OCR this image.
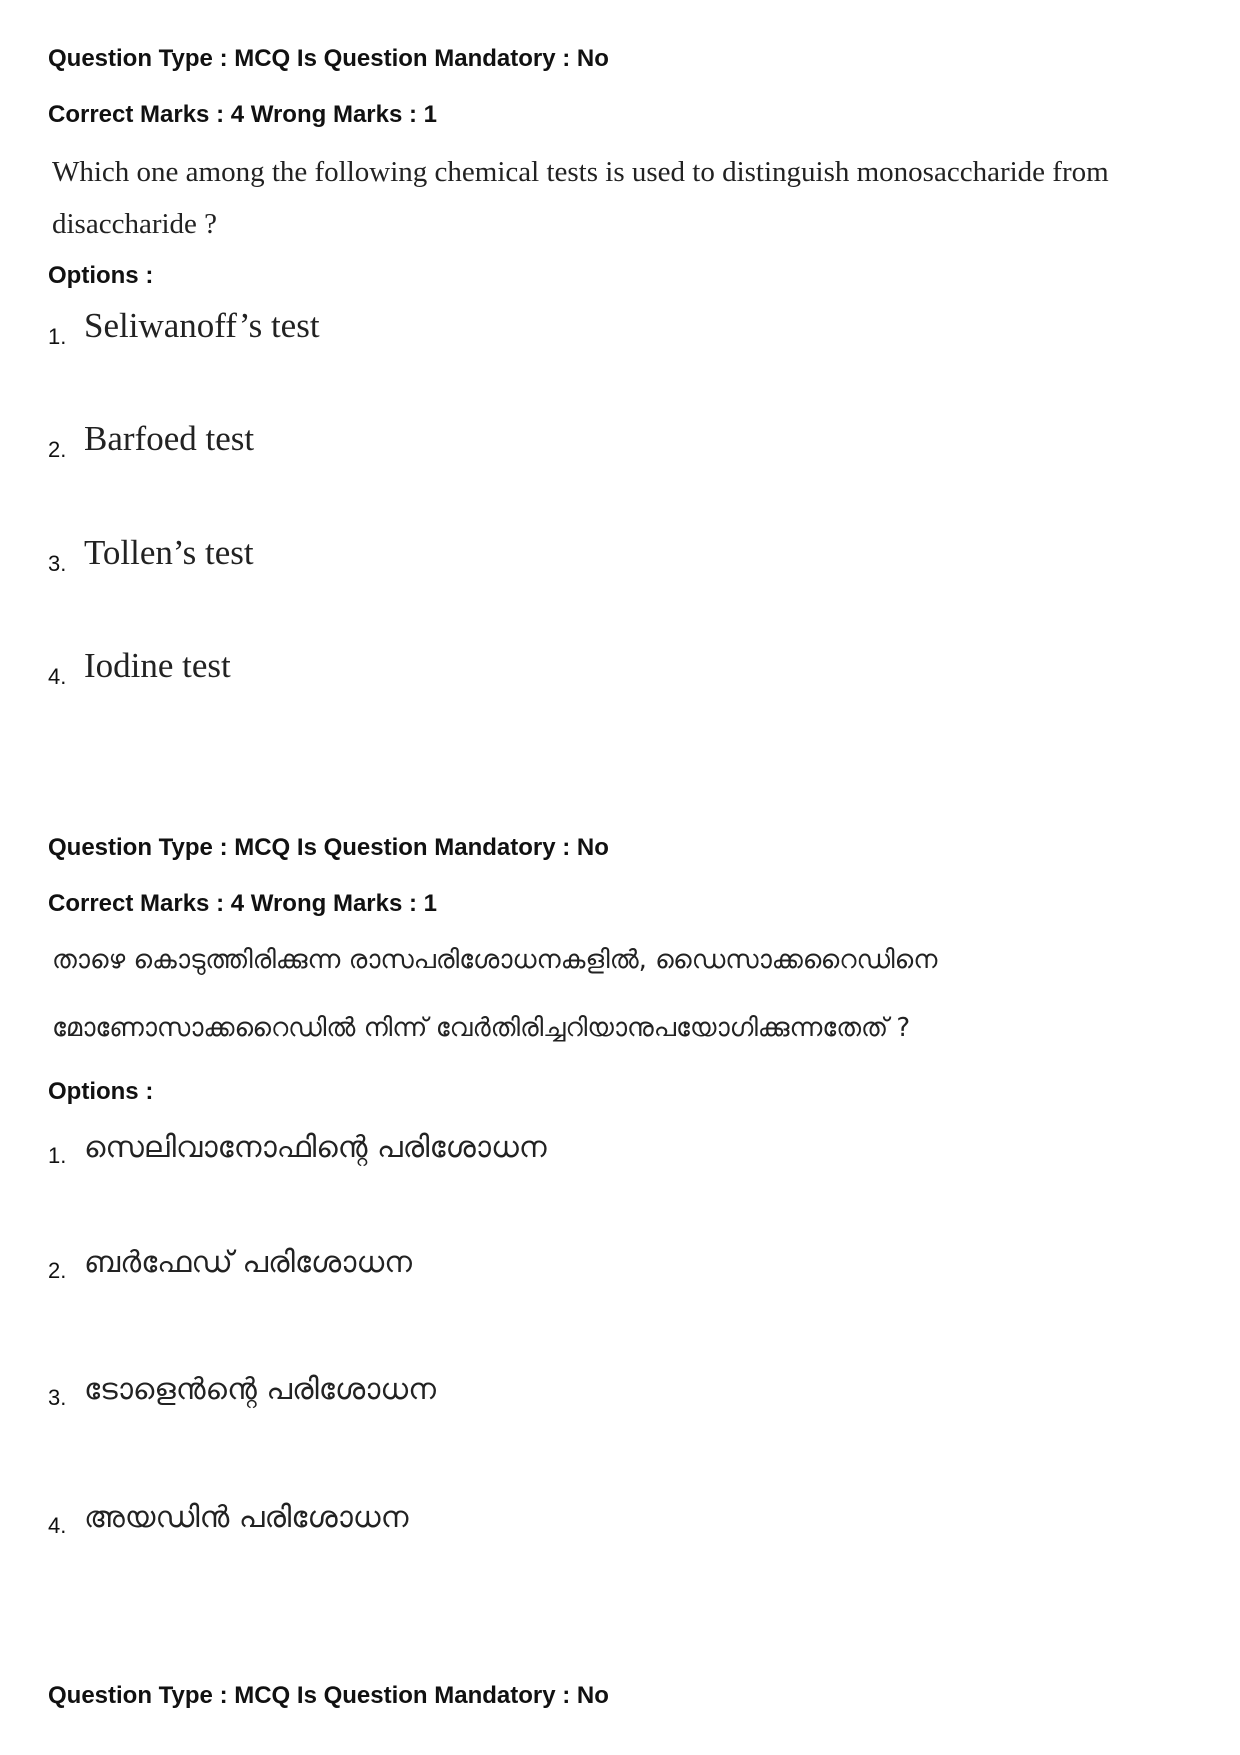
Question Type : MCQ Is Question Mandatory : No
Correct Marks : 4 Wrong Marks : 1
Which one among the following chemical tests is used to distinguish monosaccharide from
disaccharide ?
Options :
1. Seliwanoff’s test
2. Barfoed test
3. Tollen’s test
4. Iodine test
Question Type : MCQ Is Question Mandatory : No
Correct Marks : 4 Wrong Marks : 1
താഴെ കൊടുത്തിരിക്കുന്ന രാസപരിശോധനകളിൽ, ഡൈസാക്കറൈഡിനെ
മോണോസാക്കറൈഡിൽ നിന്ന് വേർതിരിച്ചറിയാനുപയോഗിക്കുന്നതേത് ?
Options :
1. സെലിവാനോഫിന്റെ പരിശോധന
2. ബർഫേഡ് പരിശോധന
3. ടോളെൻന്റെ പരിശോധന
4. അയഡിൻ പരിശോധന
Question Type : MCQ Is Question Mandatory : No
